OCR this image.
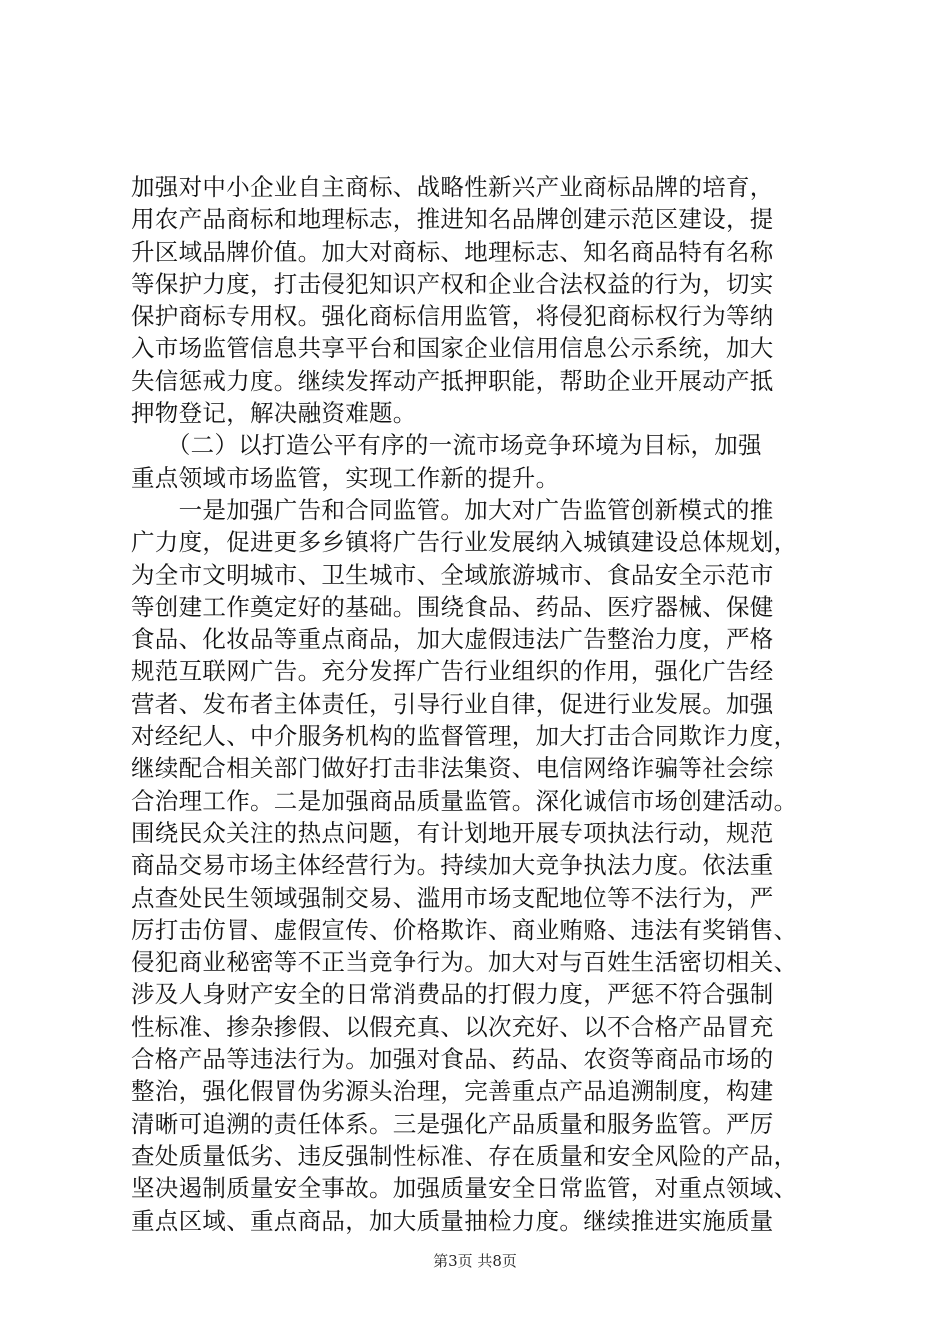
加强对中小企业自主商标、战略性新兴产业商标品牌的培育，
用农产品商标和地理标志，推进知名品牌创建示范区建设，提
升区域品牌价值。加大对商标、地理标志、知名商品特有名称
等保护力度，打击侵犯知识产权和企业合法权益的行为，切实
保护商标专用权。强化商标信用监管，将侵犯商标权行为等纳
入市场监管信息共享平台和国家企业信用信息公示系统，加大
失信惩戒力度。继续发挥动产抵押职能，帮助企业开展动产抵
押物登记，解决融资难题。
　　（二）以打造公平有序的一流市场竞争环境为目标，加强
重点领域市场监管，实现工作新的提升。
　　一是加强广告和合同监管。加大对广告监管创新模式的推
广力度，促进更多乡镇将广告行业发展纳入城镇建设总体规划，
为全市文明城市、卫生城市、全域旅游城市、食品安全示范市
等创建工作奠定好的基础。围绕食品、药品、医疗器械、保健
食品、化妆品等重点商品，加大虚假违法广告整治力度，严格
规范互联网广告。充分发挥广告行业组织的作用，强化广告经
营者、发布者主体责任，引导行业自律，促进行业发展。加强
对经纪人、中介服务机构的监督管理，加大打击合同欺诈力度，
继续配合相关部门做好打击非法集资、电信网络诈骗等社会综
合治理工作。二是加强商品质量监管。深化诚信市场创建活动。
围绕民众关注的热点问题，有计划地开展专项执法行动，规范
商品交易市场主体经营行为。持续加大竞争执法力度。依法重
点查处民生领域强制交易、滥用市场支配地位等不法行为，严
厉打击仿冒、虚假宣传、价格欺诈、商业贿赂、违法有奖销售、
侵犯商业秘密等不正当竞争行为。加大对与百姓生活密切相关、
涉及人身财产安全的日常消费品的打假力度，严惩不符合强制
性标准、掺杂掺假、以假充真、以次充好、以不合格产品冒充
合格产品等违法行为。加强对食品、药品、农资等商品市场的
整治，强化假冒伪劣源头治理，完善重点产品追溯制度，构建
清晰可追溯的责任体系。三是强化产品质量和服务监管。严厉
查处质量低劣、违反强制性标准、存在质量和安全风险的产品，
坚决遏制质量安全事故。加强质量安全日常监管，对重点领域、
重点区域、重点商品，加大质量抽检力度。继续推进实施质量
第3页 共8页
